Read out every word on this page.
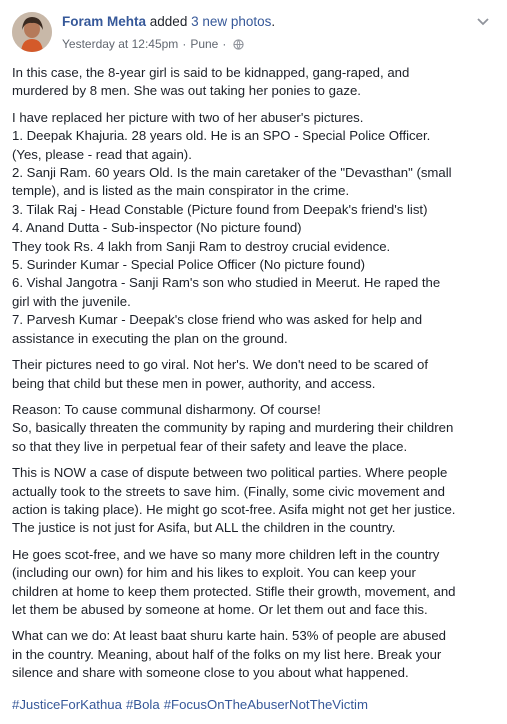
Foram Mehta added 3 new photos.
Yesterday at 12:45pm · Pune ·

In this case, the 8-year girl is said to be kidnapped, gang-raped, and
murdered by 8 men. She was out taking her ponies to gaze.

I have replaced her picture with two of her abuser's pictures.
1. Deepak Khajuria. 28 years old. He is an SPO - Special Police Officer.
(Yes, please - read that again).
2. Sanji Ram. 60 years Old. Is the main caretaker of the "Devasthan" (small
temple), and is listed as the main conspirator in the crime.
3. Tilak Raj - Head Constable (Picture found from Deepak's friend's list)
4. Anand Dutta - Sub-inspector (No picture found)
They took Rs. 4 lakh from Sanji Ram to destroy crucial evidence.
5. Surinder Kumar - Special Police Officer (No picture found)
6. Vishal Jangotra - Sanji Ram's son who studied in Meerut. He raped the
girl with the juvenile.
7. Parvesh Kumar - Deepak's close friend who was asked for help and
assistance in executing the plan on the ground.

Their pictures need to go viral. Not her's. We don't need to be scared of
being that child but these men in power, authority, and access.

Reason: To cause communal disharmony. Of course!
So, basically threaten the community by raping and murdering their children
so that they live in perpetual fear of their safety and leave the place.

This is NOW a case of dispute between two political parties. Where people
actually took to the streets to save him. (Finally, some civic movement and
action is taking place). He might go scot-free. Asifa might not get her justice.
The justice is not just for Asifa, but ALL the children in the country.

He goes scot-free, and we have so many more children left in the country
(including our own) for him and his likes to exploit. You can keep your
children at home to keep them protected. Stifle their growth, movement, and
let them be abused by someone at home. Or let them out and face this.

What can we do: At least baat shuru karte hain. 53% of people are abused
in the country. Meaning, about half of the folks on my list here. Break your
silence and share with someone close to you about what happened.

#JusticeForKathua #Bola #FocusOnTheAbuserNotTheVictim
